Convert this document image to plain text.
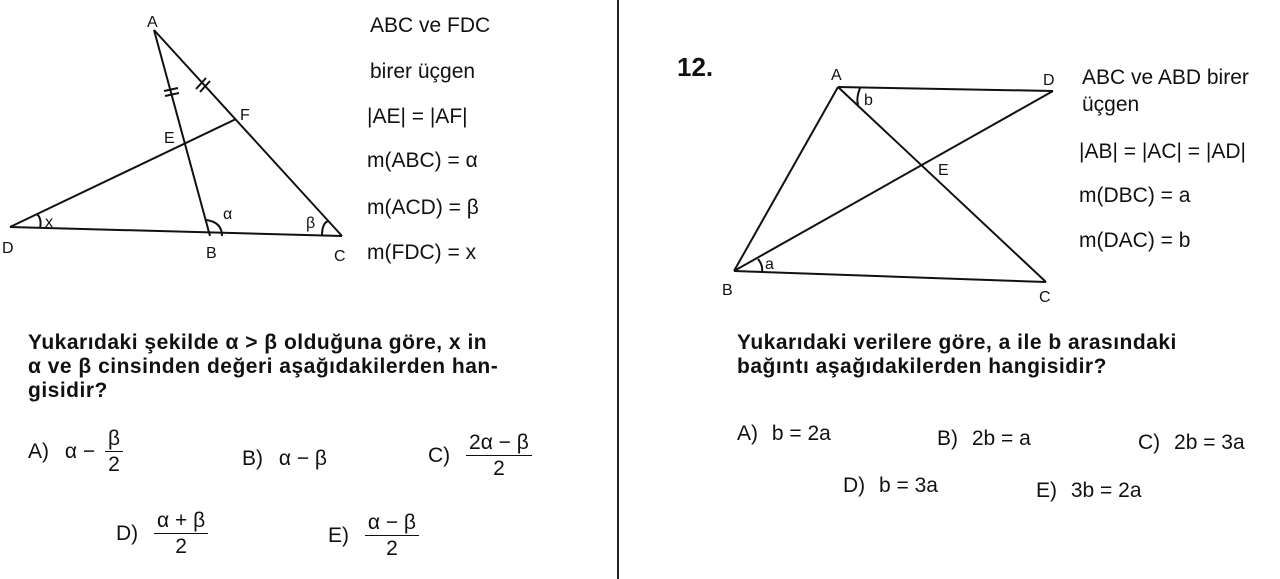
A
E
F
D	B	C
x	α
β
ABC ve FDC
birer üçgen
|AE| = |AF|
m(ABC) = α
m(ACD) = β
m(FDC) = x
Yukarıdaki şekilde α > β olduğuna göre, x in
α ve β cinsinden değeri aşağıdakilerden han-
gisidir?
A) $\alpha - \frac{\beta}{2}$	B) α − β	$C) \frac{2\alpha - \beta}{2}$
$D) \frac{\alpha + \beta}{2}$	$E) \frac{\alpha - \beta}{2}$
12.	A	D
E
B	C
b
a
ABC ve ABD birer
üçgen
|AB| = |AC| = |AD|
m(DBC) = a
m(DAC) = b
Yukarıdaki verilere göre, a ile b arasındaki
bağıntı aşağıdakilerden hangisidir?
A) b = 2a	B) 2b = a	C) 2b = 3a
D) b = 3a	E) 3b = 2a
